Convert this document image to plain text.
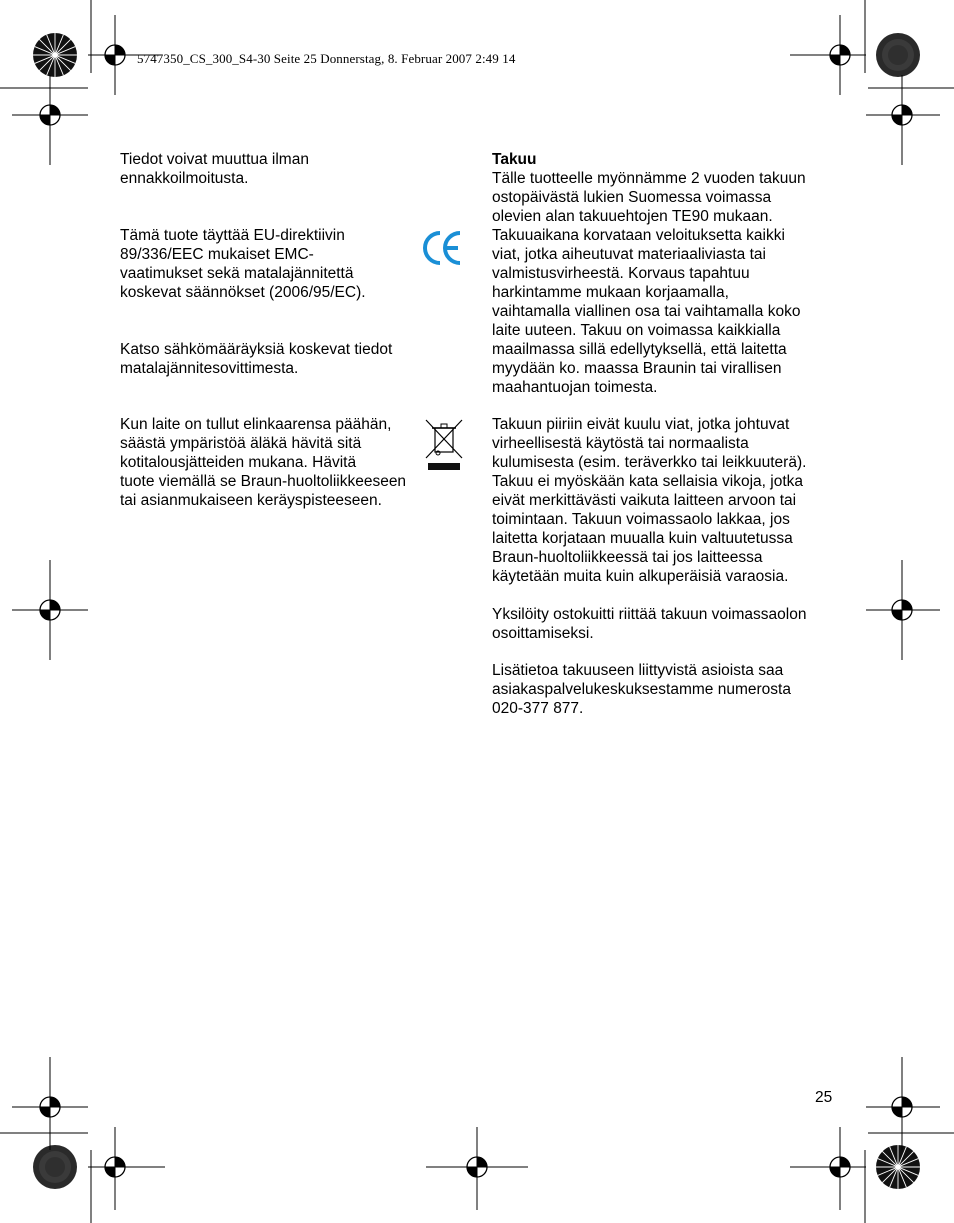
5747350_CS_300_S4-30 Seite 25 Donnerstag, 8. Februar 2007 2:49 14

Tiedot voivat muuttua ilman
ennakkoilmoitusta.

Tämä tuote täyttää EU-direktiivin
89/336/EEC mukaiset EMC-
vaatimukset sekä matalajännitettä
koskevat säännökset (2006/95/EC).

Katso sähkömääräyksiä koskevat tiedot
matalajännitesovittimesta.

Kun laite on tullut elinkaarensa päähän,
säästä ympäristöä äläkä hävitä sitä
kotitalousjätteiden mukana. Hävitä
tuote viemällä se Braun-huoltoliikkeeseen
tai asianmukaiseen keräyspisteeseen.

Takuu

Tälle tuotteelle myönnämme 2 vuoden takuun
ostopäivästä lukien Suomessa voimassa
olevien alan takuuehtojen TE90 mukaan.
Takuuaikana korvataan veloituksetta kaikki
viat, jotka aiheutuvat materiaaliviasta tai
valmistusvirheestä. Korvaus tapahtuu
harkintamme mukaan korjaamalla,
vaihtamalla viallinen osa tai vaihtamalla koko
laite uuteen. Takuu on voimassa kaikkialla
maailmassa sillä edellytyksellä, että laitetta
myydään ko. maassa Braunin tai virallisen
maahantuojan toimesta.

Takuun piiriin eivät kuulu viat, jotka johtuvat
virheellisestä käytöstä tai normaalista
kulumisesta (esim. teräverkko tai leikkuuterä).
Takuu ei myöskään kata sellaisia vikoja, jotka
eivät merkittävästi vaikuta laitteen arvoon tai
toimintaan. Takuun voimassaolo lakkaa, jos
laitetta korjataan muualla kuin valtuutetussa
Braun-huoltoliikkeessä tai jos laitteessa
käytetään muita kuin alkuperäisiä varaosia.

Yksilöity ostokuitti riittää takuun voimassaolon
osoittamiseksi.

Lisätietoa takuuseen liittyvistä asioista saa
asiakaspalvelukeskuksestamme numerosta
020-377 877.

25
